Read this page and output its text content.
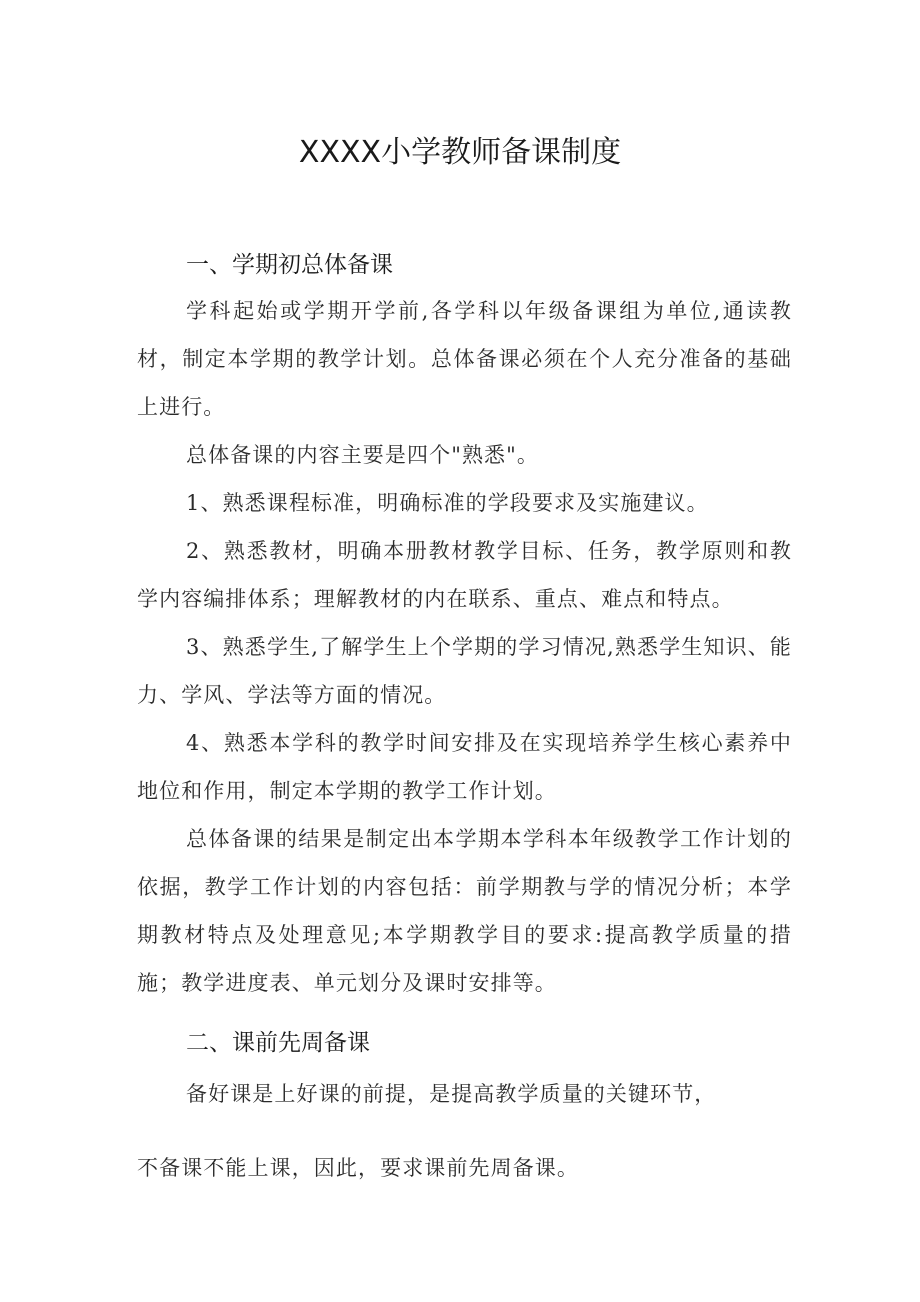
XXXX小学教师备课制度
一、学期初总体备课
学科起始或学期开学前,各学科以年级备课组为单位,通读教材，制定本学期的教学计划。总体备课必须在个人充分准备的基础上进行。
总体备课的内容主要是四个"熟悉"。
1、熟悉课程标准，明确标准的学段要求及实施建议。
2、熟悉教材，明确本册教材教学目标、任务，教学原则和教学内容编排体系；理解教材的内在联系、重点、难点和特点。
3、熟悉学生,了解学生上个学期的学习情况,熟悉学生知识、能力、学风、学法等方面的情况。
4、熟悉本学科的教学时间安排及在实现培养学生核心素养中地位和作用，制定本学期的教学工作计划。
总体备课的结果是制定出本学期本学科本年级教学工作计划的依据，教学工作计划的内容包括：前学期教与学的情况分析；本学期教材特点及处理意见;本学期教学目的要求:提高教学质量的措施；教学进度表、单元划分及课时安排等。
二、课前先周备课
备好课是上好课的前提，是提高教学质量的关键环节，
不备课不能上课，因此，要求课前先周备课。
